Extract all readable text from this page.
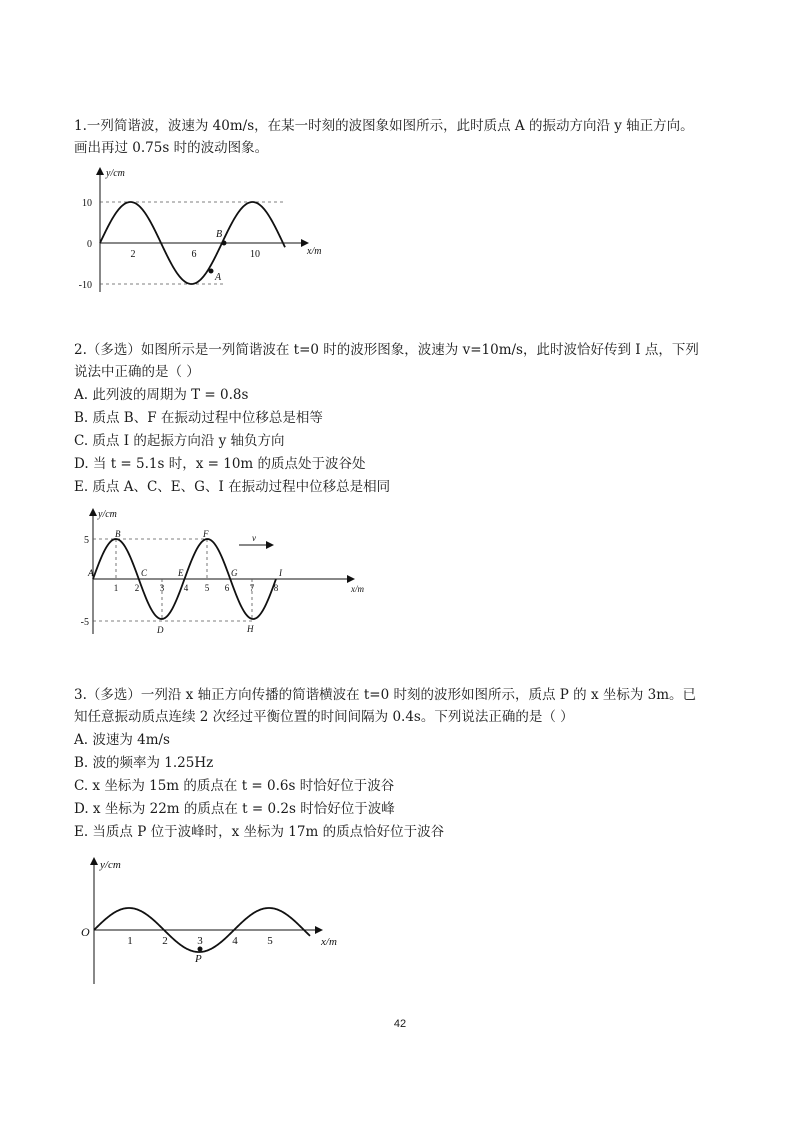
1.一列简谐波，波速为 40m/s，在某一时刻的波图象如图所示，此时质点 A 的振动方向沿 y 轴正方向。
画出再过 0.75s 时的波动图象。
y/cm
x/m
10
0
-10
2	6	10
B
A
2.（多选）如图所示是一列简谐波在 t=0 时的波形图象，波速为 v=10m/s，此时波恰好传到 I 点，下列
说法中正确的是（ ）
A. 此列波的周期为 T = 0.8s
B. 质点 B、F 在振动过程中位移总是相等
C. 质点 I 的起振方向沿 y 轴负方向
D. 当 t = 5.1s 时，x = 10m 的质点处于波谷处
E. 质点 A、C、E、G、I 在振动过程中位移总是相同
y/cm
x/m
5
-5
1 2 3 4 5 6 7 8
A
B
C
D
E
F
G
H
I
v
3.（多选）一列沿 x 轴正方向传播的简谐横波在 t=0 时刻的波形如图所示，质点 P 的 x 坐标为 3m。已
知任意振动质点连续 2 次经过平衡位置的时间间隔为 0.4s。下列说法正确的是（ ）
A. 波速为 4m/s
B. 波的频率为 1.25Hz
C. x 坐标为 15m 的质点在 t = 0.6s 时恰好位于波谷
D. x 坐标为 22m 的质点在 t = 0.2s 时恰好位于波峰
E. 当质点 P 位于波峰时，x 坐标为 17m 的质点恰好位于波谷
y/cm
x/m
O
1	2	3	4	5
P
42
